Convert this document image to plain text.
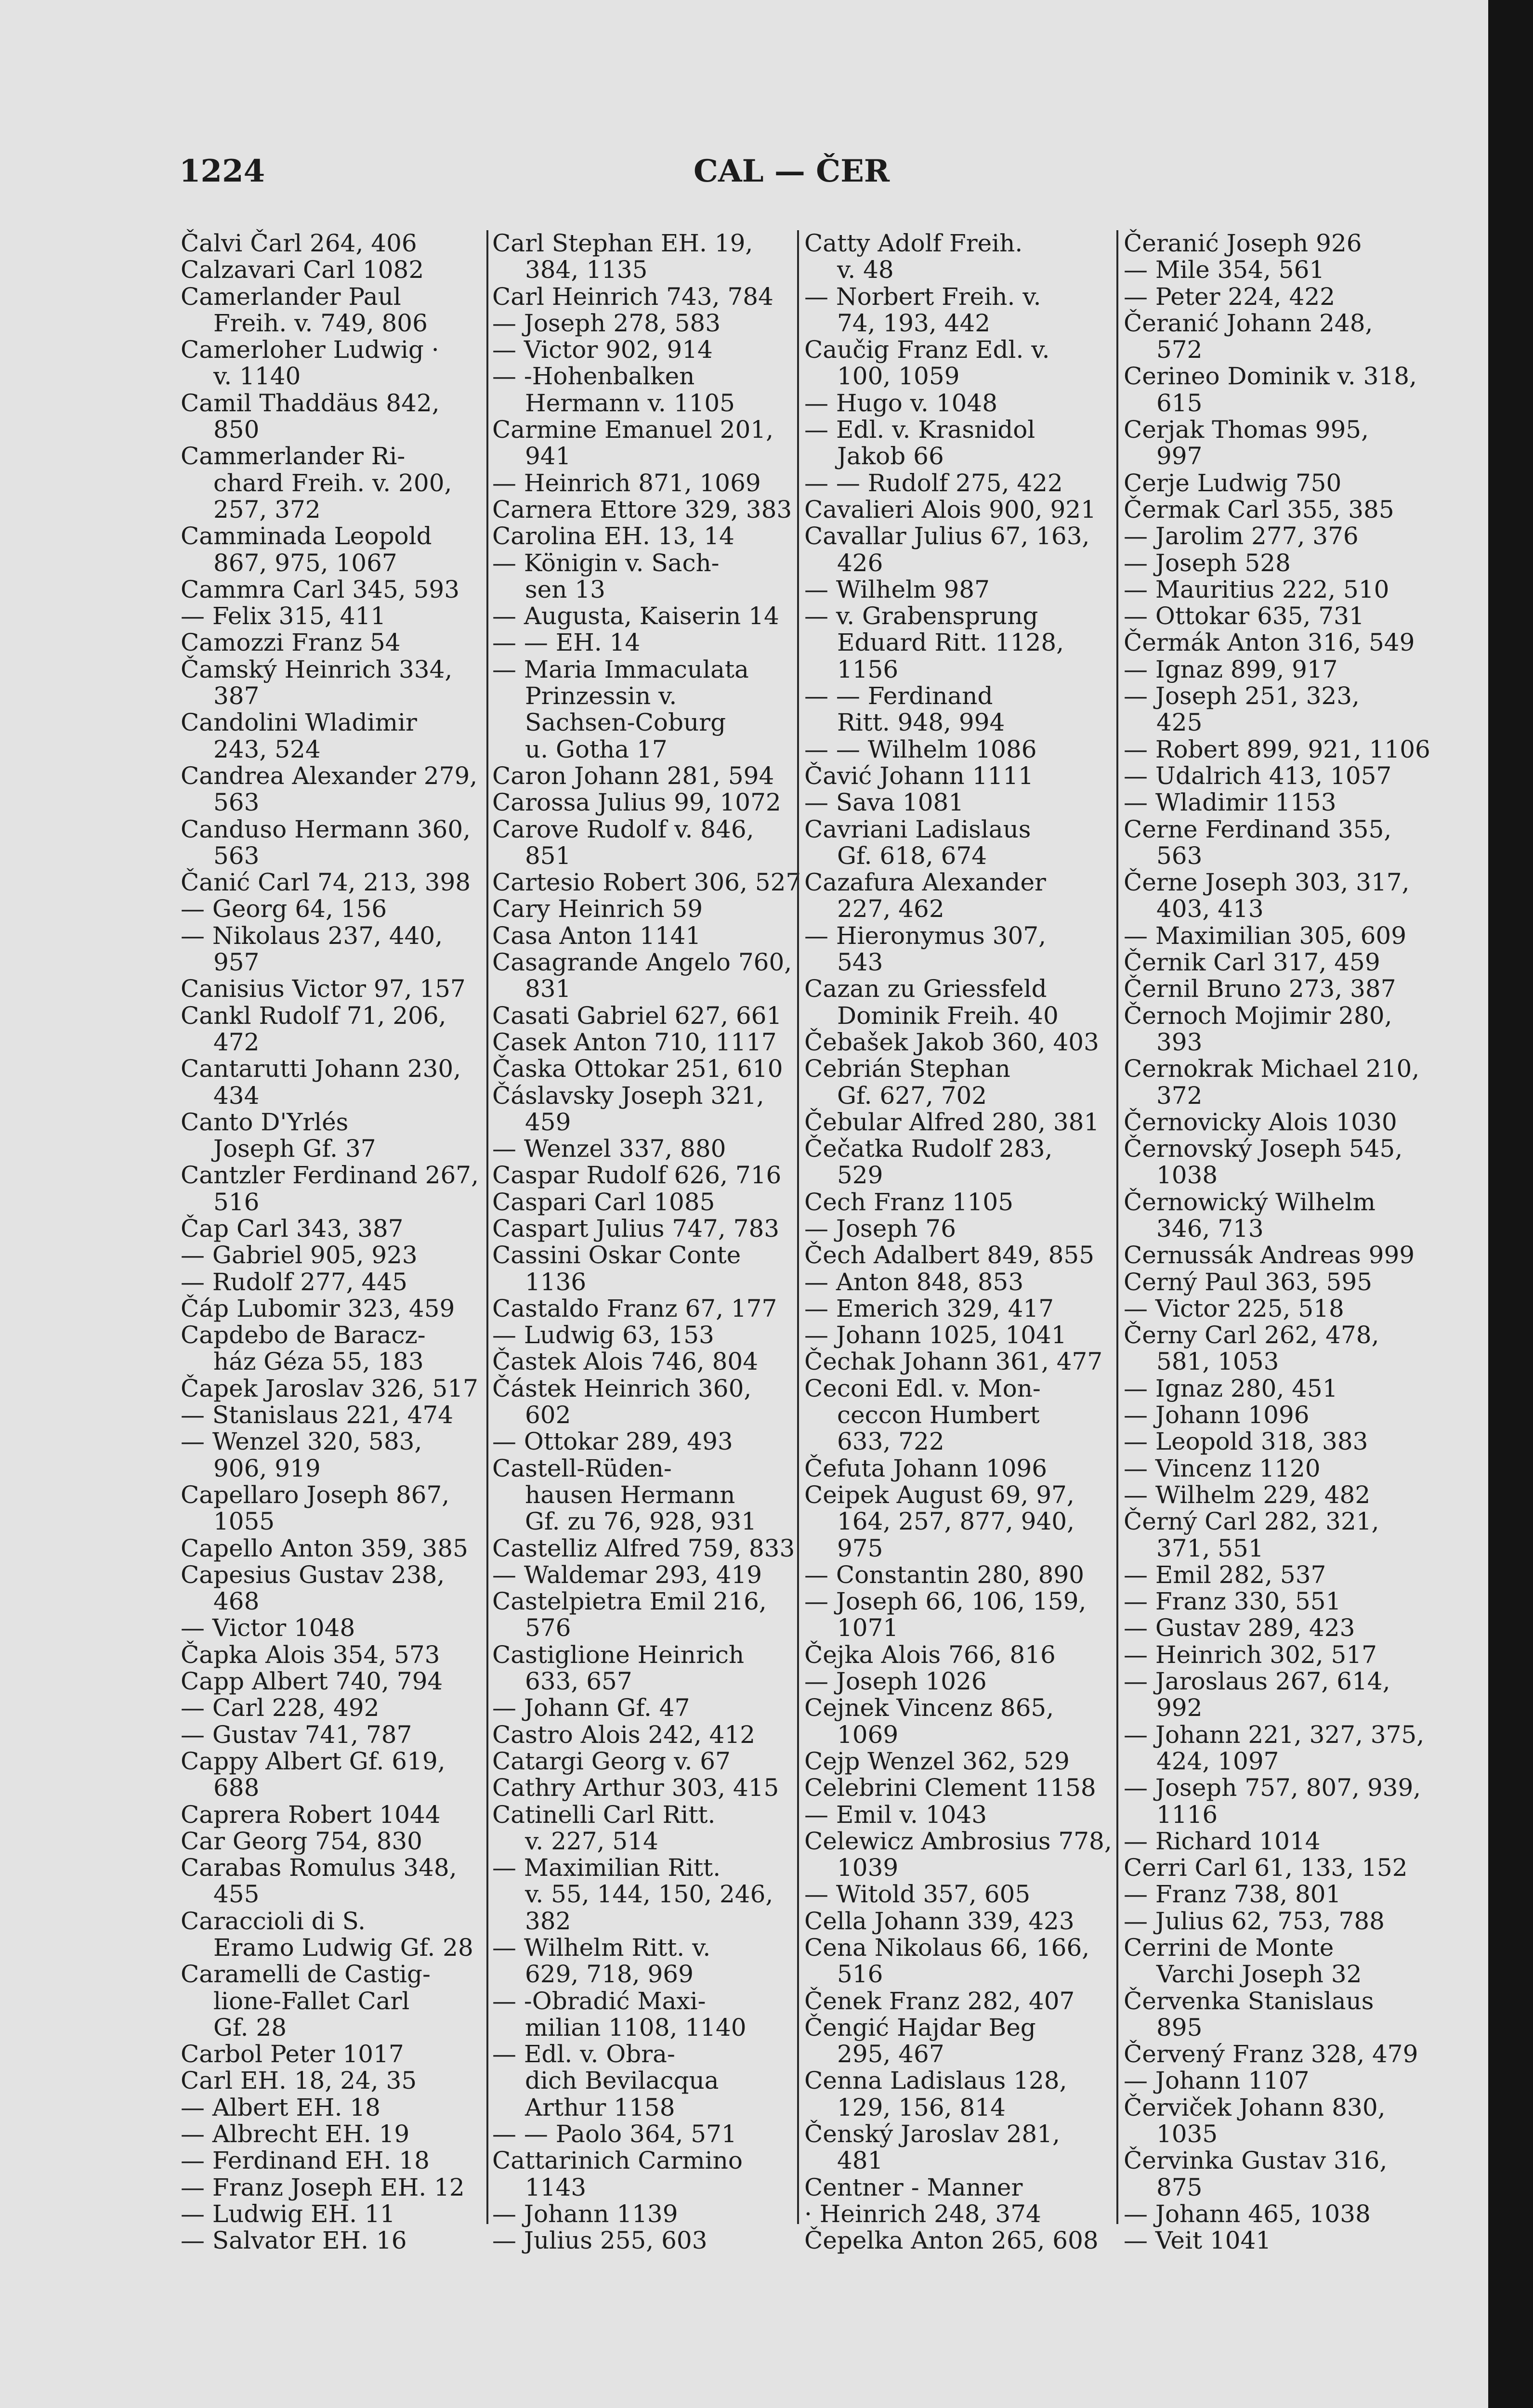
1224	CAL — ČER
Čalvi Čarl 264, 406
Calzavari Carl 1082
Camerlander Paul
Freih. v. 749, 806
Camerloher Ludwig ·
v. 1140
Camil Thaddäus 842,
850
Cammerlander Ri-
chard Freih. v. 200,
257, 372
Camminada Leopold
867, 975, 1067
Cammra Carl 345, 593
— Felix 315, 411
Camozzi Franz 54
Čamský Heinrich 334,
387
Candolini Wladimir
243, 524
Candrea Alexander 279,
563
Canduso Hermann 360,
563
Čanić Carl 74, 213, 398
— Georg 64, 156
— Nikolaus 237, 440,
957
Canisius Victor 97, 157
Cankl Rudolf 71, 206,
472
Cantarutti Johann 230,
434
Canto D'Yrlés
Joseph Gf. 37
Cantzler Ferdinand 267,
516
Čap Carl 343, 387
— Gabriel 905, 923
— Rudolf 277, 445
Čáp Lubomir 323, 459
Capdebo de Baracz-
ház Géza 55, 183
Čapek Jaroslav 326, 517
— Stanislaus 221, 474
— Wenzel 320, 583,
906, 919
Capellaro Joseph 867,
1055
Capello Anton 359, 385
Capesius Gustav 238,
468
— Victor 1048
Čapka Alois 354, 573
Capp Albert 740, 794
— Carl 228, 492
— Gustav 741, 787
Cappy Albert Gf. 619,
688
Caprera Robert 1044
Car Georg 754, 830
Carabas Romulus 348,
455
Caraccioli di S.
Eramo Ludwig Gf. 28
Caramelli de Castig-
lione-Fallet Carl
Gf. 28
Carbol Peter 1017
Carl EH. 18, 24, 35
— Albert EH. 18
— Albrecht EH. 19
— Ferdinand EH. 18
— Franz Joseph EH. 12
— Ludwig EH. 11
— Salvator EH. 16
Carl Stephan EH. 19,
384, 1135
Carl Heinrich 743, 784
— Joseph 278, 583
— Victor 902, 914
— -Hohenbalken
Hermann v. 1105
Carmine Emanuel 201,
941
— Heinrich 871, 1069
Carnera Ettore 329, 383
Carolina EH. 13, 14
— Königin v. Sach-
sen 13
— Augusta, Kaiserin 14
— — EH. 14
— Maria Immaculata
Prinzessin v.
Sachsen-Coburg
u. Gotha 17
Caron Johann 281, 594
Carossa Julius 99, 1072
Carove Rudolf v. 846,
851
Cartesio Robert 306, 527
Cary Heinrich 59
Casa Anton 1141
Casagrande Angelo 760,
831
Casati Gabriel 627, 661
Casek Anton 710, 1117
Časka Ottokar 251, 610
Čáslavsky Joseph 321,
459
— Wenzel 337, 880
Caspar Rudolf 626, 716
Caspari Carl 1085
Caspart Julius 747, 783
Cassini Oskar Conte
1136
Castaldo Franz 67, 177
— Ludwig 63, 153
Častek Alois 746, 804
Částek Heinrich 360,
602
— Ottokar 289, 493
Castell-Rüden-
hausen Hermann
Gf. zu 76, 928, 931
Castelliz Alfred 759, 833
— Waldemar 293, 419
Castelpietra Emil 216,
576
Castiglione Heinrich
633, 657
— Johann Gf. 47
Castro Alois 242, 412
Catargi Georg v. 67
Cathry Arthur 303, 415
Catinelli Carl Ritt.
v. 227, 514
— Maximilian Ritt.
v. 55, 144, 150, 246,
382
— Wilhelm Ritt. v.
629, 718, 969
— -Obradić Maxi-
milian 1108, 1140
— Edl. v. Obra-
dich Bevilacqua
Arthur 1158
— — Paolo 364, 571
Cattarinich Carmino
1143
— Johann 1139
— Julius 255, 603
Catty Adolf Freih.
v. 48
— Norbert Freih. v.
74, 193, 442
Caučig Franz Edl. v.
100, 1059
— Hugo v. 1048
— Edl. v. Krasnidol
Jakob 66
— — Rudolf 275, 422
Cavalieri Alois 900, 921
Cavallar Julius 67, 163,
426
— Wilhelm 987
— v. Grabensprung
Eduard Ritt. 1128,
1156
— — Ferdinand
Ritt. 948, 994
— — Wilhelm 1086
Čavić Johann 1111
— Sava 1081
Cavriani Ladislaus
Gf. 618, 674
Cazafura Alexander
227, 462
— Hieronymus 307,
543
Cazan zu Griessfeld
Dominik Freih. 40
Čebašek Jakob 360, 403
Cebrián Stephan
Gf. 627, 702
Čebular Alfred 280, 381
Čečatka Rudolf 283,
529
Cech Franz 1105
— Joseph 76
Čech Adalbert 849, 855
— Anton 848, 853
— Emerich 329, 417
— Johann 1025, 1041
Čechak Johann 361, 477
Ceconi Edl. v. Mon-
ceccon Humbert
633, 722
Čefuta Johann 1096
Ceipek August 69, 97,
164, 257, 877, 940,
975
— Constantin 280, 890
— Joseph 66, 106, 159,
1071
Čejka Alois 766, 816
— Joseph 1026
Cejnek Vincenz 865,
1069
Cejp Wenzel 362, 529
Celebrini Clement 1158
— Emil v. 1043
Celewicz Ambrosius 778,
1039
— Witold 357, 605
Cella Johann 339, 423
Cena Nikolaus 66, 166,
516
Čenek Franz 282, 407
Čengić Hajdar Beg
295, 467
Cenna Ladislaus 128,
129, 156, 814
Čenský Jaroslav 281,
481
Centner - Manner
· Heinrich 248, 374
Čepelka Anton 265, 608
Čeranić Joseph 926
— Mile 354, 561
— Peter 224, 422
Čeranić Johann 248,
572
Cerineo Dominik v. 318,
615
Cerjak Thomas 995,
997
Cerje Ludwig 750
Čermak Carl 355, 385
— Jarolim 277, 376
— Joseph 528
— Mauritius 222, 510
— Ottokar 635, 731
Čermák Anton 316, 549
— Ignaz 899, 917
— Joseph 251, 323,
425
— Robert 899, 921, 1106
— Udalrich 413, 1057
— Wladimir 1153
Cerne Ferdinand 355,
563
Černe Joseph 303, 317,
403, 413
— Maximilian 305, 609
Černik Carl 317, 459
Černil Bruno 273, 387
Černoch Mojimir 280,
393
Cernokrak Michael 210,
372
Černovicky Alois 1030
Černovský Joseph 545,
1038
Černowický Wilhelm
346, 713
Cernussák Andreas 999
Cerný Paul 363, 595
— Victor 225, 518
Černy Carl 262, 478,
581, 1053
— Ignaz 280, 451
— Johann 1096
— Leopold 318, 383
— Vincenz 1120
— Wilhelm 229, 482
Černý Carl 282, 321,
371, 551
— Emil 282, 537
— Franz 330, 551
— Gustav 289, 423
— Heinrich 302, 517
— Jaroslaus 267, 614,
992
— Johann 221, 327, 375,
424, 1097
— Joseph 757, 807, 939,
1116
— Richard 1014
Cerri Carl 61, 133, 152
— Franz 738, 801
— Julius 62, 753, 788
Cerrini de Monte
Varchi Joseph 32
Červenka Stanislaus
895
Červený Franz 328, 479
— Johann 1107
Červiček Johann 830,
1035
Červinka Gustav 316,
875
— Johann 465, 1038
— Veit 1041
